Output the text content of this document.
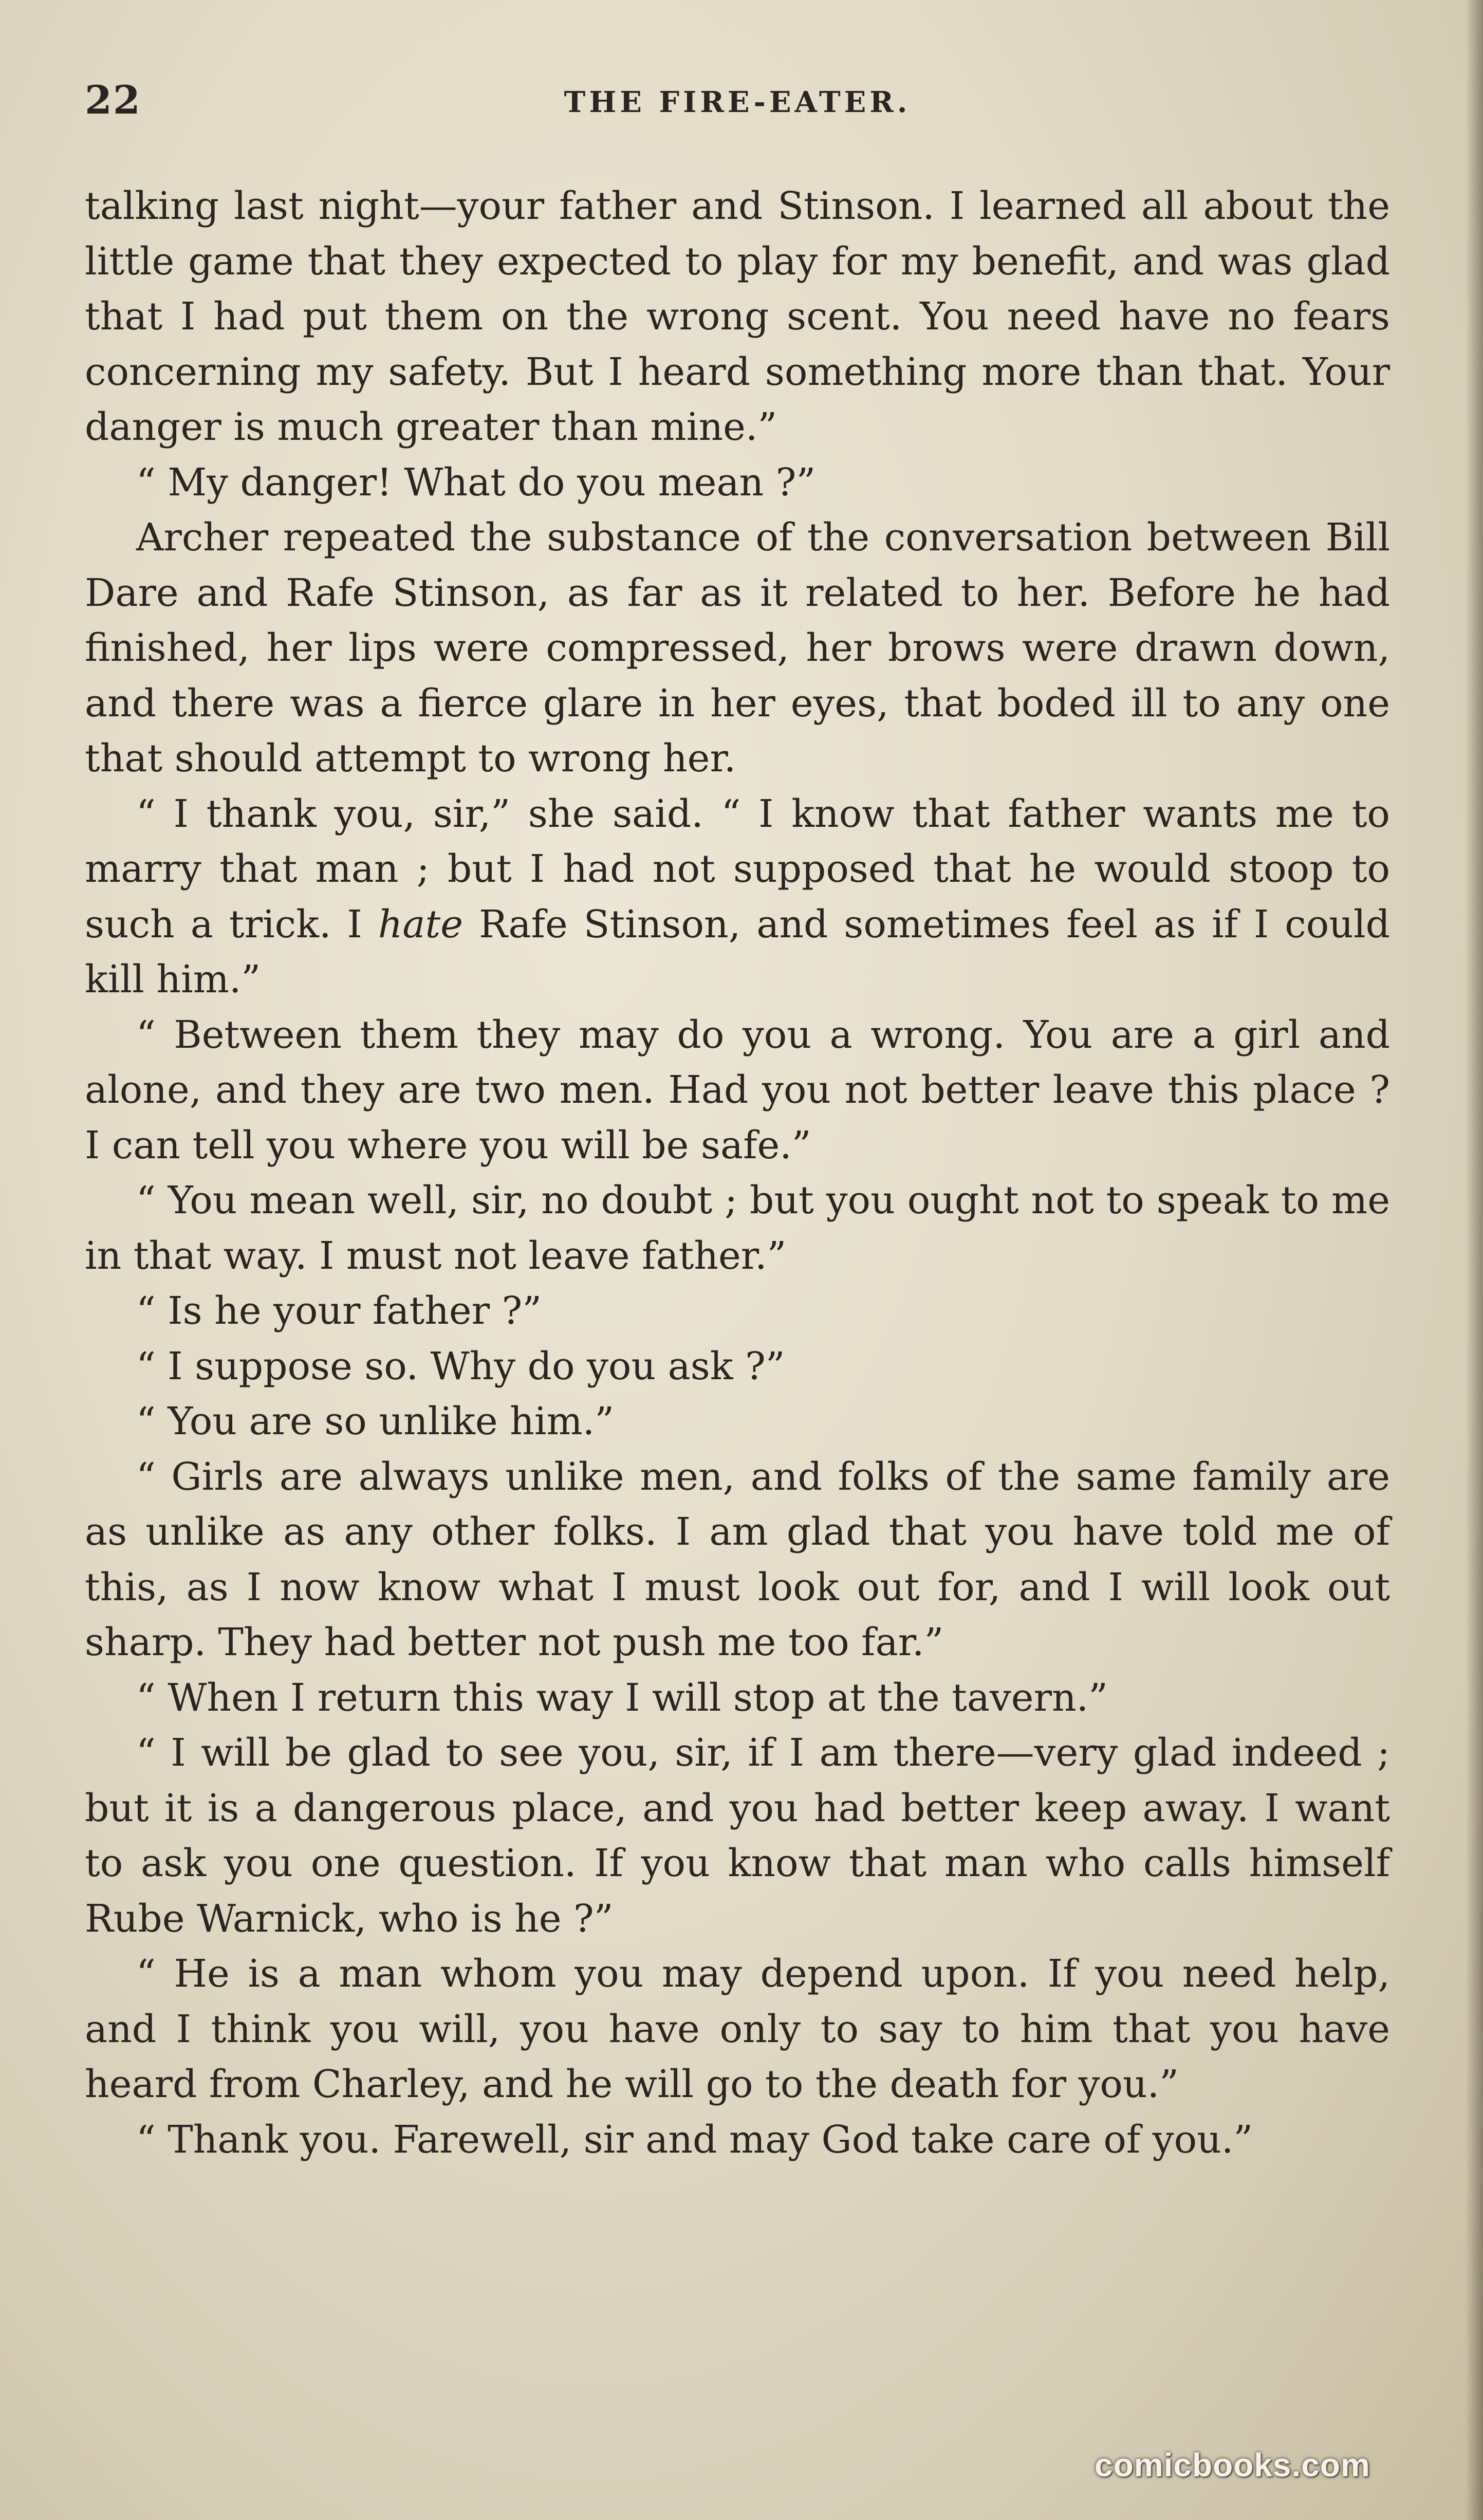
22	THE FIRE-EATER.

talking last night—your father and Stinson. I learned all about the little game that they expected to play for my benefit, and was glad that I had put them on the wrong scent. You need have no fears concerning my safety. But I heard something more than that. Your danger is much greater than mine.”

“ My danger! What do you mean ?”

Archer repeated the substance of the conversation between Bill Dare and Rafe Stinson, as far as it related to her. Before he had finished, her lips were compressed, her brows were drawn down, and there was a fierce glare in her eyes, that boded ill to any one that should attempt to wrong her.

“ I thank you, sir,” she said. “ I know that father wants me to marry that man ; but I had not supposed that he would stoop to such a trick. I hate Rafe Stinson, and sometimes feel as if I could kill him.”

“ Between them they may do you a wrong. You are a girl and alone, and they are two men. Had you not better leave this place ? I can tell you where you will be safe.”

“ You mean well, sir, no doubt ; but you ought not to speak to me in that way. I must not leave father.”

“ Is he your father ?”

“ I suppose so. Why do you ask ?”

“ You are so unlike him.”

“ Girls are always unlike men, and folks of the same family are as unlike as any other folks. I am glad that you have told me of this, as I now know what I must look out for, and I will look out sharp. They had better not push me too far.”

“ When I return this way I will stop at the tavern.”

“ I will be glad to see you, sir, if I am there—very glad indeed ; but it is a dangerous place, and you had better keep away. I want to ask you one question. If you know that man who calls himself Rube Warnick, who is he ?”

“ He is a man whom you may depend upon. If you need help, and I think you will, you have only to say to him that you have heard from Charley, and he will go to the death for you.”

“ Thank you. Farewell, sir and may God take care of you.”

comicbooks.com
